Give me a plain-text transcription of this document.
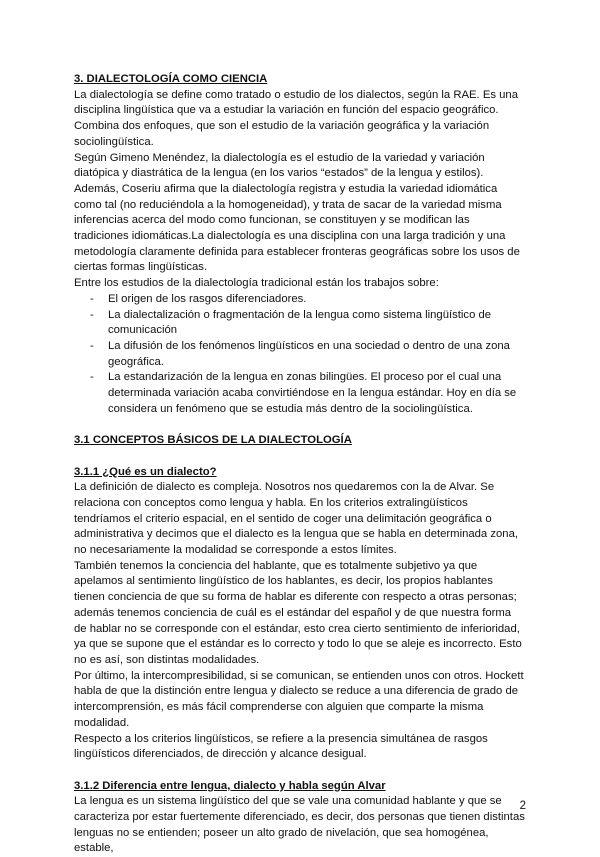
3. DIALECTOLOGÍA COMO CIENCIA

La dialectología se define como tratado o estudio de los dialectos, según la RAE. Es una disciplina lingüística que va a estudiar la variación en función del espacio geográfico. Combina dos enfoques, que son el estudio de la variación geográfica y la variación sociolingüística.

Según Gimeno Menéndez, la dialectología es el estudio de la variedad y variación diatópica y diastrática de la lengua (en los varios “estados” de la lengua y estilos). Además, Coseriu afirma que la dialectología registra y estudia la variedad idiomática como tal (no reduciéndola a la homogeneidad), y trata de sacar de la variedad misma inferencias acerca del modo como funcionan, se constituyen y se modifican las tradiciones idiomáticas.La dialectología es una disciplina con una larga tradición y una metodología claramente definida para establecer fronteras geográficas sobre los usos de ciertas formas lingüísticas.

Entre los estudios de la dialectología tradicional están los trabajos sobre:

- El origen de los rasgos diferenciadores.
- La dialectalización o fragmentación de la lengua como sistema lingüístico de comunicación
- La difusión de los fenómenos lingüísticos en una sociedad o dentro de una zona geográfica.
- La estandarización de la lengua en zonas bilingües. El proceso por el cual una determinada variación acaba convirtiéndose en la lengua estándar. Hoy en día se considera un fenómeno que se estudia más dentro de la sociolingüística.
3.1 CONCEPTOS BÁSICOS DE LA DIALECTOLOGÍA
3.1.1 ¿Qué es un dialecto?

La definición de dialecto es compleja. Nosotros nos quedaremos con la de Alvar. Se relaciona con conceptos como lengua y habla. En los criterios extralingüísticos tendríamos el criterio espacial, en el sentido de coger una delimitación geográfica o administrativa y decimos que el dialecto es la lengua que se habla en determinada zona, no necesariamente la modalidad se corresponde a estos límites.

También tenemos la conciencia del hablante, que es totalmente subjetivo ya que apelamos al sentimiento lingüístico de los hablantes, es decir, los propios hablantes tienen conciencia de que su forma de hablar es diferente con respecto a otras personas; además tenemos conciencia de cuál es el estándar del español y de que nuestra forma de hablar no se corresponde con el estándar, esto crea cierto sentimiento de inferioridad, ya que se supone que el estándar es lo correcto y todo lo que se aleje es incorrecto. Esto no es así, son distintas modalidades.

Por último, la intercompresibilidad, si se comunican, se entienden unos con otros. Hockett habla de que la distinción entre lengua y dialecto se reduce a una diferencia de grado de intercomprensión, es más fácil comprenderse con alguien que comparte la misma modalidad.

Respecto a los criterios lingüísticos, se refiere a la presencia simultánea de rasgos lingüísticos diferenciados, de dirección y alcance desigual.

3.1.2 Diferencia entre lengua, dialecto y habla según Alvar

La lengua es un sistema lingüístico del que se vale una comunidad hablante y que se caracteriza por estar fuertemente diferenciado, es decir, dos personas que tienen distintas lenguas no se entienden; poseer un alto grado de nivelación, que sea homogénea, estable,

2
